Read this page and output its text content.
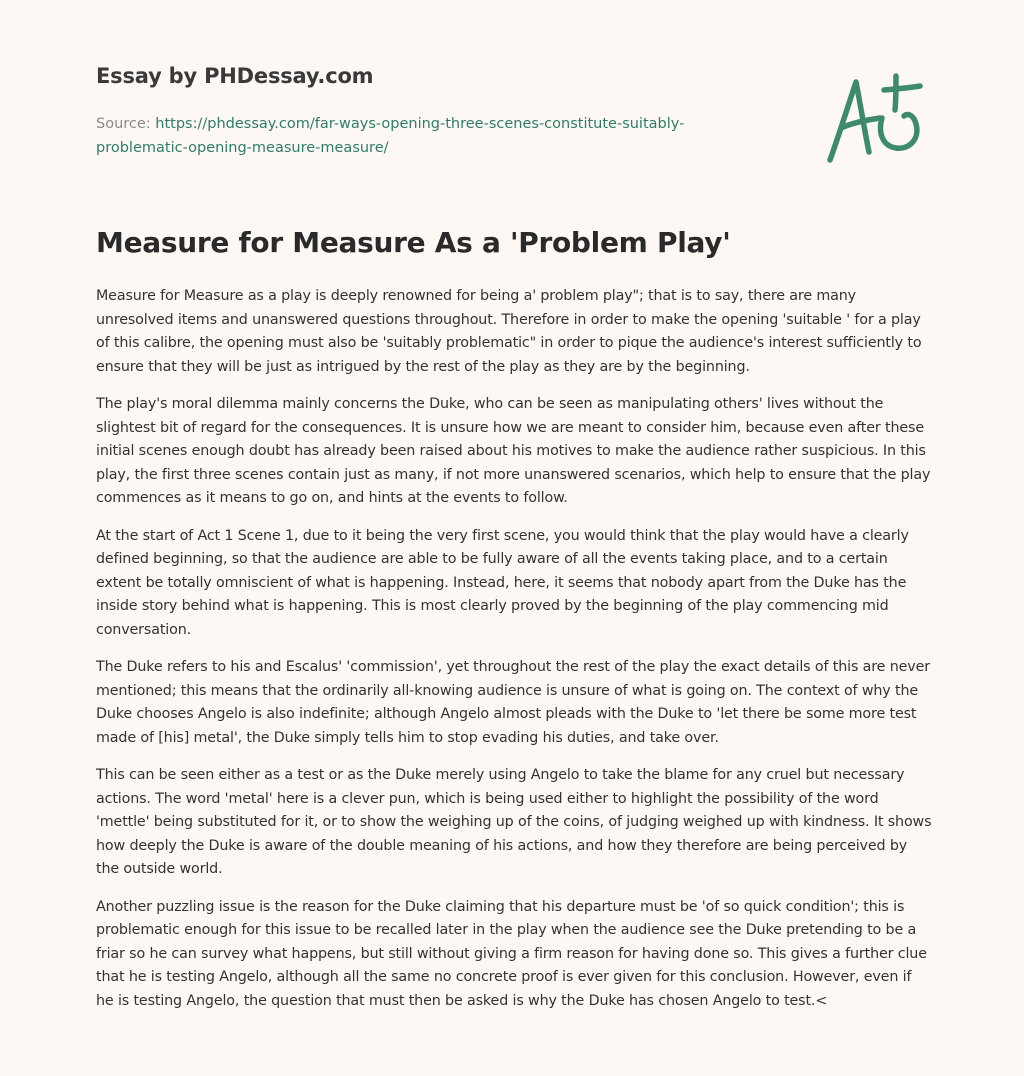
Essay by PHDessay.com
Source: https://phdessay.com/far-ways-opening-three-scenes-constitute-suitably-problematic-opening-measure-measure/
Measure for Measure As a 'Problem Play'

Measure for Measure as a play is deeply renowned for being a' problem play"; that is to say, there are many unresolved items and unanswered questions throughout. Therefore in order to make the opening 'suitable ' for a play of this calibre, the opening must also be 'suitably problematic" in order to pique the audience's interest sufficiently to ensure that they will be just as intrigued by the rest of the play as they are by the beginning.

The play's moral dilemma mainly concerns the Duke, who can be seen as manipulating others' lives without the slightest bit of regard for the consequences. It is unsure how we are meant to consider him, because even after these initial scenes enough doubt has already been raised about his motives to make the audience rather suspicious. In this play, the first three scenes contain just as many, if not more unanswered scenarios, which help to ensure that the play commences as it means to go on, and hints at the events to follow.

At the start of Act 1 Scene 1, due to it being the very first scene, you would think that the play would have a clearly defined beginning, so that the audience are able to be fully aware of all the events taking place, and to a certain extent be totally omniscient of what is happening. Instead, here, it seems that nobody apart from the Duke has the inside story behind what is happening. This is most clearly proved by the beginning of the play commencing mid conversation.

The Duke refers to his and Escalus' 'commission', yet throughout the rest of the play the exact details of this are never mentioned; this means that the ordinarily all-knowing audience is unsure of what is going on. The context of why the Duke chooses Angelo is also indefinite; although Angelo almost pleads with the Duke to 'let there be some more test made of [his] metal', the Duke simply tells him to stop evading his duties, and take over.

This can be seen either as a test or as the Duke merely using Angelo to take the blame for any cruel but necessary actions. The word 'metal' here is a clever pun, which is being used either to highlight the possibility of the word 'mettle' being substituted for it, or to show the weighing up of the coins, of judging weighed up with kindness. It shows how deeply the Duke is aware of the double meaning of his actions, and how they therefore are being perceived by the outside world.

Another puzzling issue is the reason for the Duke claiming that his departure must be 'of so quick condition'; this is problematic enough for this issue to be recalled later in the play when the audience see the Duke pretending to be a friar so he can survey what happens, but still without giving a firm reason for having done so. This gives a further clue that he is testing Angelo, although all the same no concrete proof is ever given for this conclusion. However, even if he is testing Angelo, the question that must then be asked is why the Duke has chosen Angelo to test.<
